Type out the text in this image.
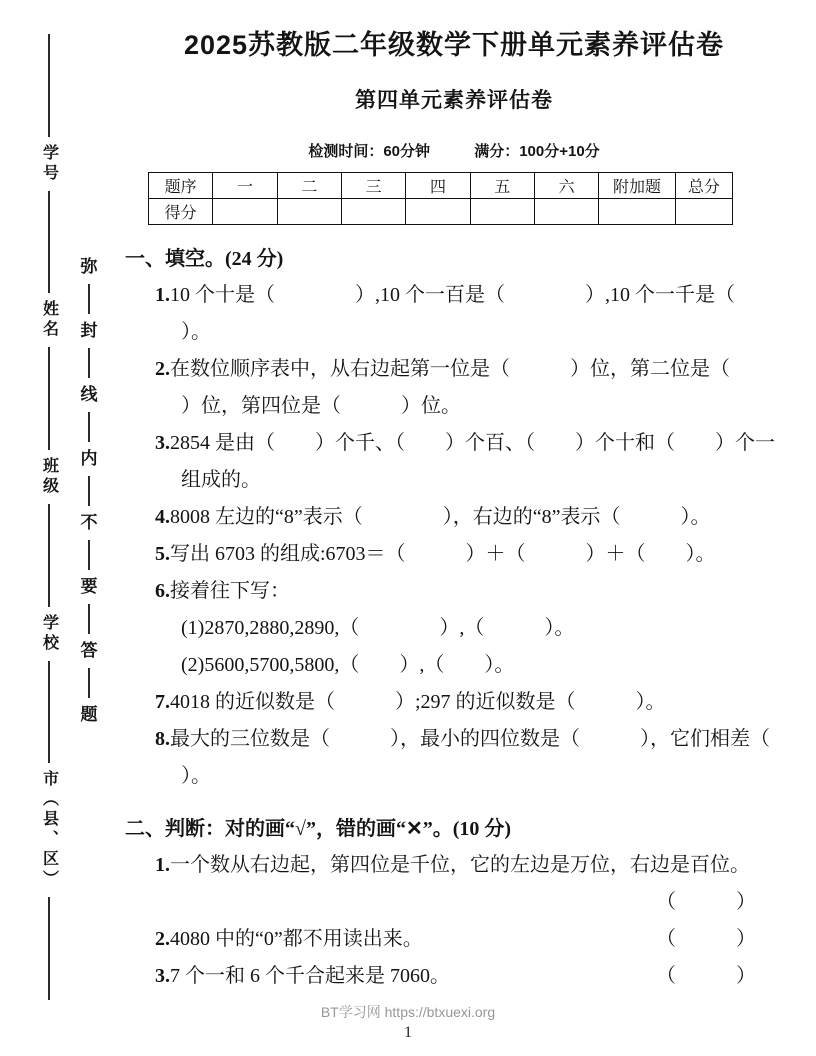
学号
姓名
班级
学校
市（县、区）
弥
封
线
内
不
要
答
题
2025苏教版二年级数学下册单元素养评估卷
第四单元素养评估卷
检测时间：60分钟	满分：100分+10分
题序	一	二	三	四	五	六	附加题	总分
得分								
一、填空。(24 分)

1.10 个十是（　　　　）,10 个一百是（　　　　）,10 个一千是（　　　）。

2.在数位顺序表中，从右边起第一位是（　　　）位，第二位是（　　　）位，第四位是（　　　）位。

3.2854 是由（　　）个千、（　　）个百、（　　）个十和（　　）个一组成的。

4.8008 左边的“8”表示（　　　　），右边的“8”表示（　　　）。

5.写出 6703 的组成:6703＝（　　　）＋（　　　）＋（　　）。

6.接着往下写：

(1)2870,2880,2890,（　　　　）,（　　　）。

(2)5600,5700,5800,（　　）,（　　）。

7.4018 的近似数是（　　　）;297 的近似数是（　　　）。

8.最大的三位数是（　　　），最小的四位数是（　　　），它们相差（　　）。

二、判断：对的画“√”，错的画“✕”。(10 分)

1.一个数从右边起，第四位是千位，它的左边是万位，右边是百位。

（　　　）

2.4080 中的“0”都不用读出来。	（　　　）

3.7 个一和 6 个千合起来是 7060。	（　　　）

BT学习网 https://btxuexi.org
1
